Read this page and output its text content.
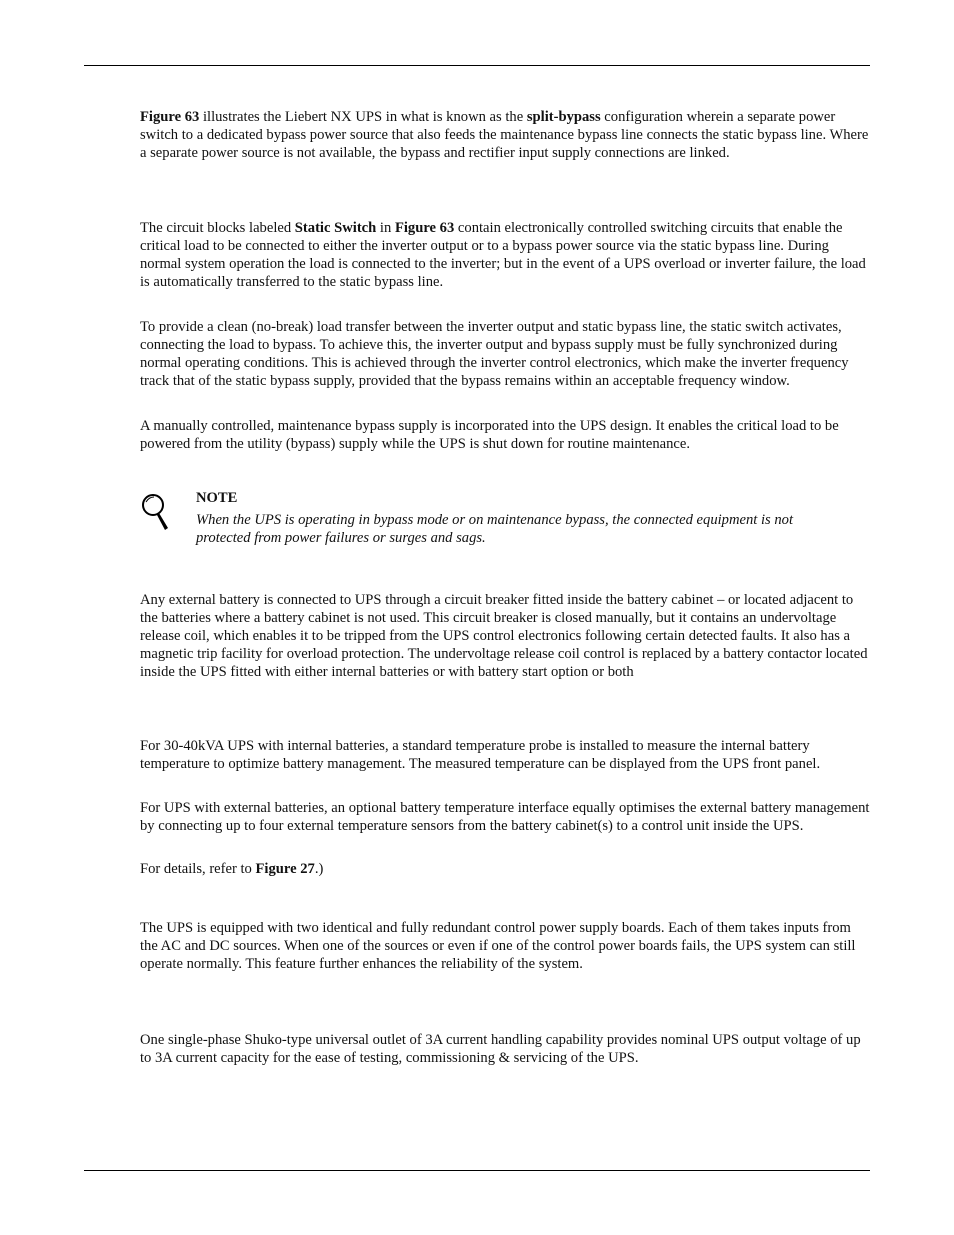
Figure 63 illustrates the Liebert NX UPS in what is known as the split-bypass configuration wherein a separate power switch to a dedicated bypass power source that also feeds the maintenance bypass line connects the static bypass line. Where a separate power source is not available, the bypass and rectifier input supply connections are linked.

The circuit blocks labeled Static Switch in Figure 63 contain electronically controlled switching circuits that enable the critical load to be connected to either the inverter output or to a bypass power source via the static bypass line. During normal system operation the load is connected to the inverter; but in the event of a UPS overload or inverter failure, the load is automatically transferred to the static bypass line.

To provide a clean (no-break) load transfer between the inverter output and static bypass line, the static switch activates, connecting the load to bypass. To achieve this, the inverter output and bypass supply must be fully synchronized during normal operating conditions. This is achieved through the inverter control electronics, which make the inverter frequency track that of the static bypass supply, provided that the bypass remains within an acceptable frequency window.

A manually controlled, maintenance bypass supply is incorporated into the UPS design. It enables the critical load to be powered from the utility (bypass) supply while the UPS is shut down for routine maintenance.

NOTE

When the UPS is operating in bypass mode or on maintenance bypass, the connected equipment is not protected from power failures or surges and sags.

Any external battery is connected to UPS through a circuit breaker fitted inside the battery cabinet – or located adjacent to the batteries where a battery cabinet is not used. This circuit breaker is closed manually, but it contains an undervoltage release coil, which enables it to be tripped from the UPS control electronics following certain detected faults. It also has a magnetic trip facility for overload protection. The undervoltage release coil control is replaced by a battery contactor located inside the UPS fitted with either internal batteries or with battery start option or both

For 30-40kVA UPS with internal batteries, a standard temperature probe is installed to measure the internal battery temperature to optimize battery management. The measured temperature can be displayed from the UPS front panel.

For UPS with external batteries, an optional battery temperature interface equally optimises the external battery management by connecting up to four external temperature sensors from the battery cabinet(s) to a control unit inside the UPS.

For details, refer to Figure 27.)

The UPS is equipped with two identical and fully redundant control power supply boards. Each of them takes inputs from the AC and DC sources. When one of the sources or even if one of the control power boards fails, the UPS system can still operate normally. This feature further enhances the reliability of the system.

One single-phase Shuko-type universal outlet of 3A current handling capability provides nominal UPS output voltage of up to 3A current capacity for the ease of testing, commissioning & servicing of the UPS.
